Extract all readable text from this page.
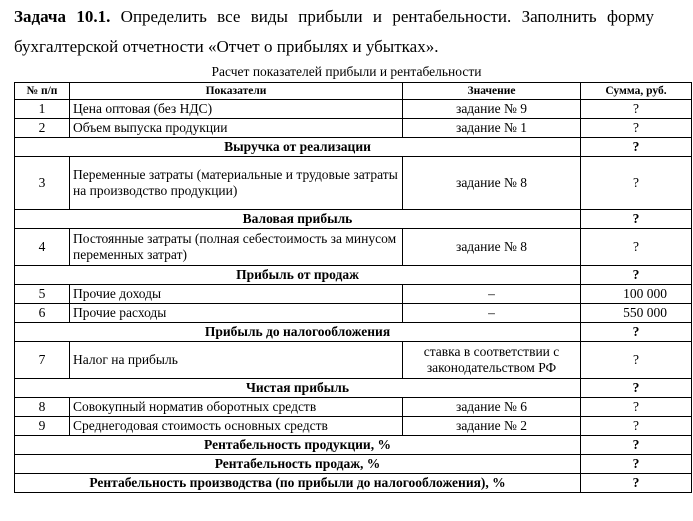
Задача 10.1. Определить все виды прибыли и рентабельности. Заполнить форму бухгалтерской отчетности «Отчет о прибылях и убытках».
Расчет показателей прибыли и рентабельности
№ п/п	Показатели	Значение	Сумма, руб.
1	Цена оптовая (без НДС)	задание № 9	?
2	Объем выпуска продукции	задание № 1	?
Выручка от реализации			?
3	Переменные затраты (материальные и трудовые затраты на производство продукции)	задание № 8	?
Валовая прибыль			?
4	Постоянные затраты (полная себестоимость за минусом переменных затрат)	задание № 8	?
Прибыль от продаж			?
5	Прочие доходы	–	100 000
6	Прочие расходы	–	550 000
Прибыль до налогообложения			?
7	Налог на прибыль	ставка в соответствии с законодательством РФ	?
Чистая прибыль			?
8	Совокупный норматив оборотных средств	задание № 6	?
9	Среднегодовая стоимость основных средств	задание № 2	?
Рентабельность продукции, %			?
Рентабельность продаж, %			?
Рентабельность производства (по прибыли до налогообложения), %			?
